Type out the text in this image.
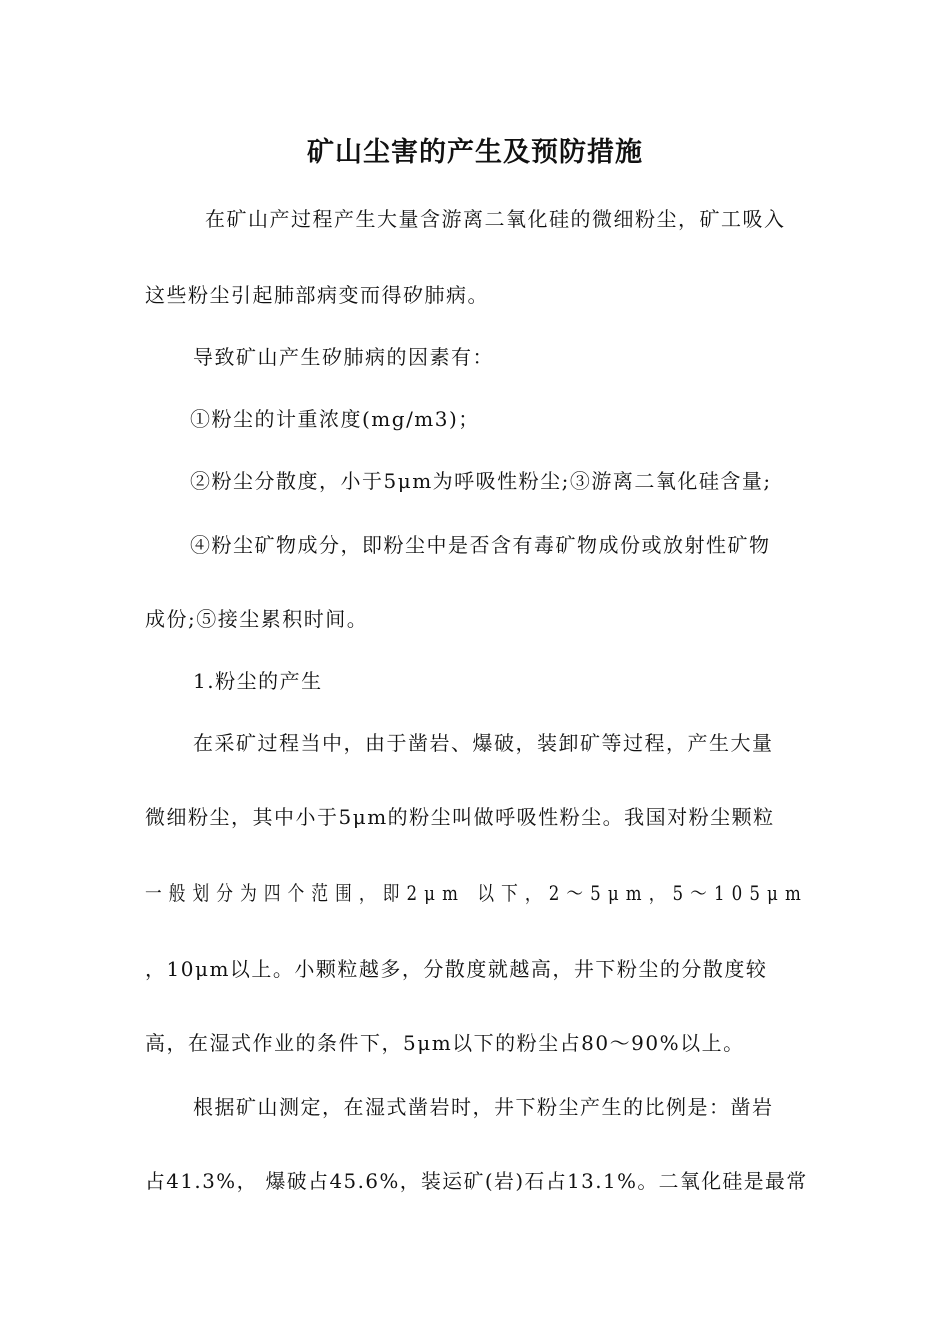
矿山尘害的产生及预防措施
在矿山产过程产生大量含游离二氧化硅的微细粉尘，矿工吸入
这些粉尘引起肺部病变而得矽肺病。
导致矿山产生矽肺病的因素有：
①粉尘的计重浓度(mg/m3)；
②粉尘分散度，小于5μm为呼吸性粉尘;③游离二氧化硅含量;
④粉尘矿物成分，即粉尘中是否含有毒矿物成份或放射性矿物
成份;⑤接尘累积时间。
1.粉尘的产生
在采矿过程当中，由于凿岩、爆破，装卸矿等过程，产生大量
微细粉尘，其中小于5μm的粉尘叫做呼吸性粉尘。我国对粉尘颗粒
一般划分为四个范围，即2μm 以下，2～5μm，5～105μm
，10μm以上。小颗粒越多，分散度就越高，井下粉尘的分散度较
高，在湿式作业的条件下，5μm以下的粉尘占80～90%以上。
根据矿山测定，在湿式凿岩时，井下粉尘产生的比例是：凿岩
占41.3%， 爆破占45.6%，装运矿(岩)石占13.1%。二氧化硅是最常
